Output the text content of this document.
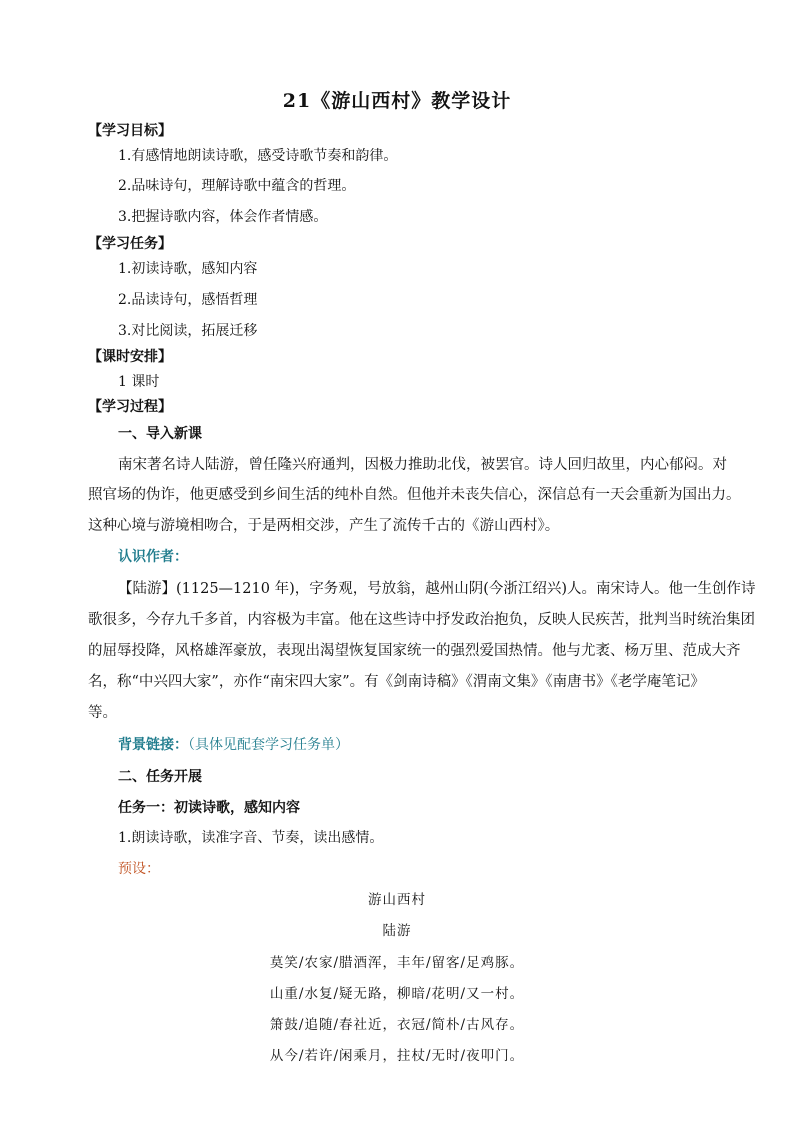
21《游山西村》教学设计
【学习目标】
1.有感情地朗读诗歌，感受诗歌节奏和韵律。
2.品味诗句，理解诗歌中蕴含的哲理。
3.把握诗歌内容，体会作者情感。
【学习任务】
1.初读诗歌，感知内容
2.品读诗句，感悟哲理
3.对比阅读，拓展迁移
【课时安排】
1 课时
【学习过程】
一、导入新课
南宋著名诗人陆游，曾任隆兴府通判，因极力推助北伐，被罢官。诗人回归故里，内心郁闷。对
照官场的伪诈，他更感受到乡间生活的纯朴自然。但他并未丧失信心，深信总有一天会重新为国出力。
这种心境与游境相吻合，于是两相交涉，产生了流传千古的《游山西村》。
认识作者：
【陆游】(1125—1210 年)，字务观，号放翁，越州山阴(今浙江绍兴)人。南宋诗人。他一生创作诗
歌很多，今存九千多首，内容极为丰富。他在这些诗中抒发政治抱负，反映人民疾苦，批判当时统治集团
的屈辱投降，风格雄浑豪放，表现出渴望恢复国家统一的强烈爱国热情。他与尤袤、杨万里、范成大齐
名，称“中兴四大家”，亦作“南宋四大家”。有《剑南诗稿》《渭南文集》《南唐书》《老学庵笔记》
等。
背景链接：（具体见配套学习任务单）
二、任务开展
任务一：初读诗歌，感知内容
1.朗读诗歌，读准字音、节奏，读出感情。
预设：
游山西村
陆游
莫笑/农家/腊酒浑，丰年/留客/足鸡豚。
山重/水复/疑无路，柳暗/花明/又一村。
箫鼓/追随/春社近，衣冠/简朴/古风存。
从今/若许/闲乘月，拄杖/无时/夜叩门。
